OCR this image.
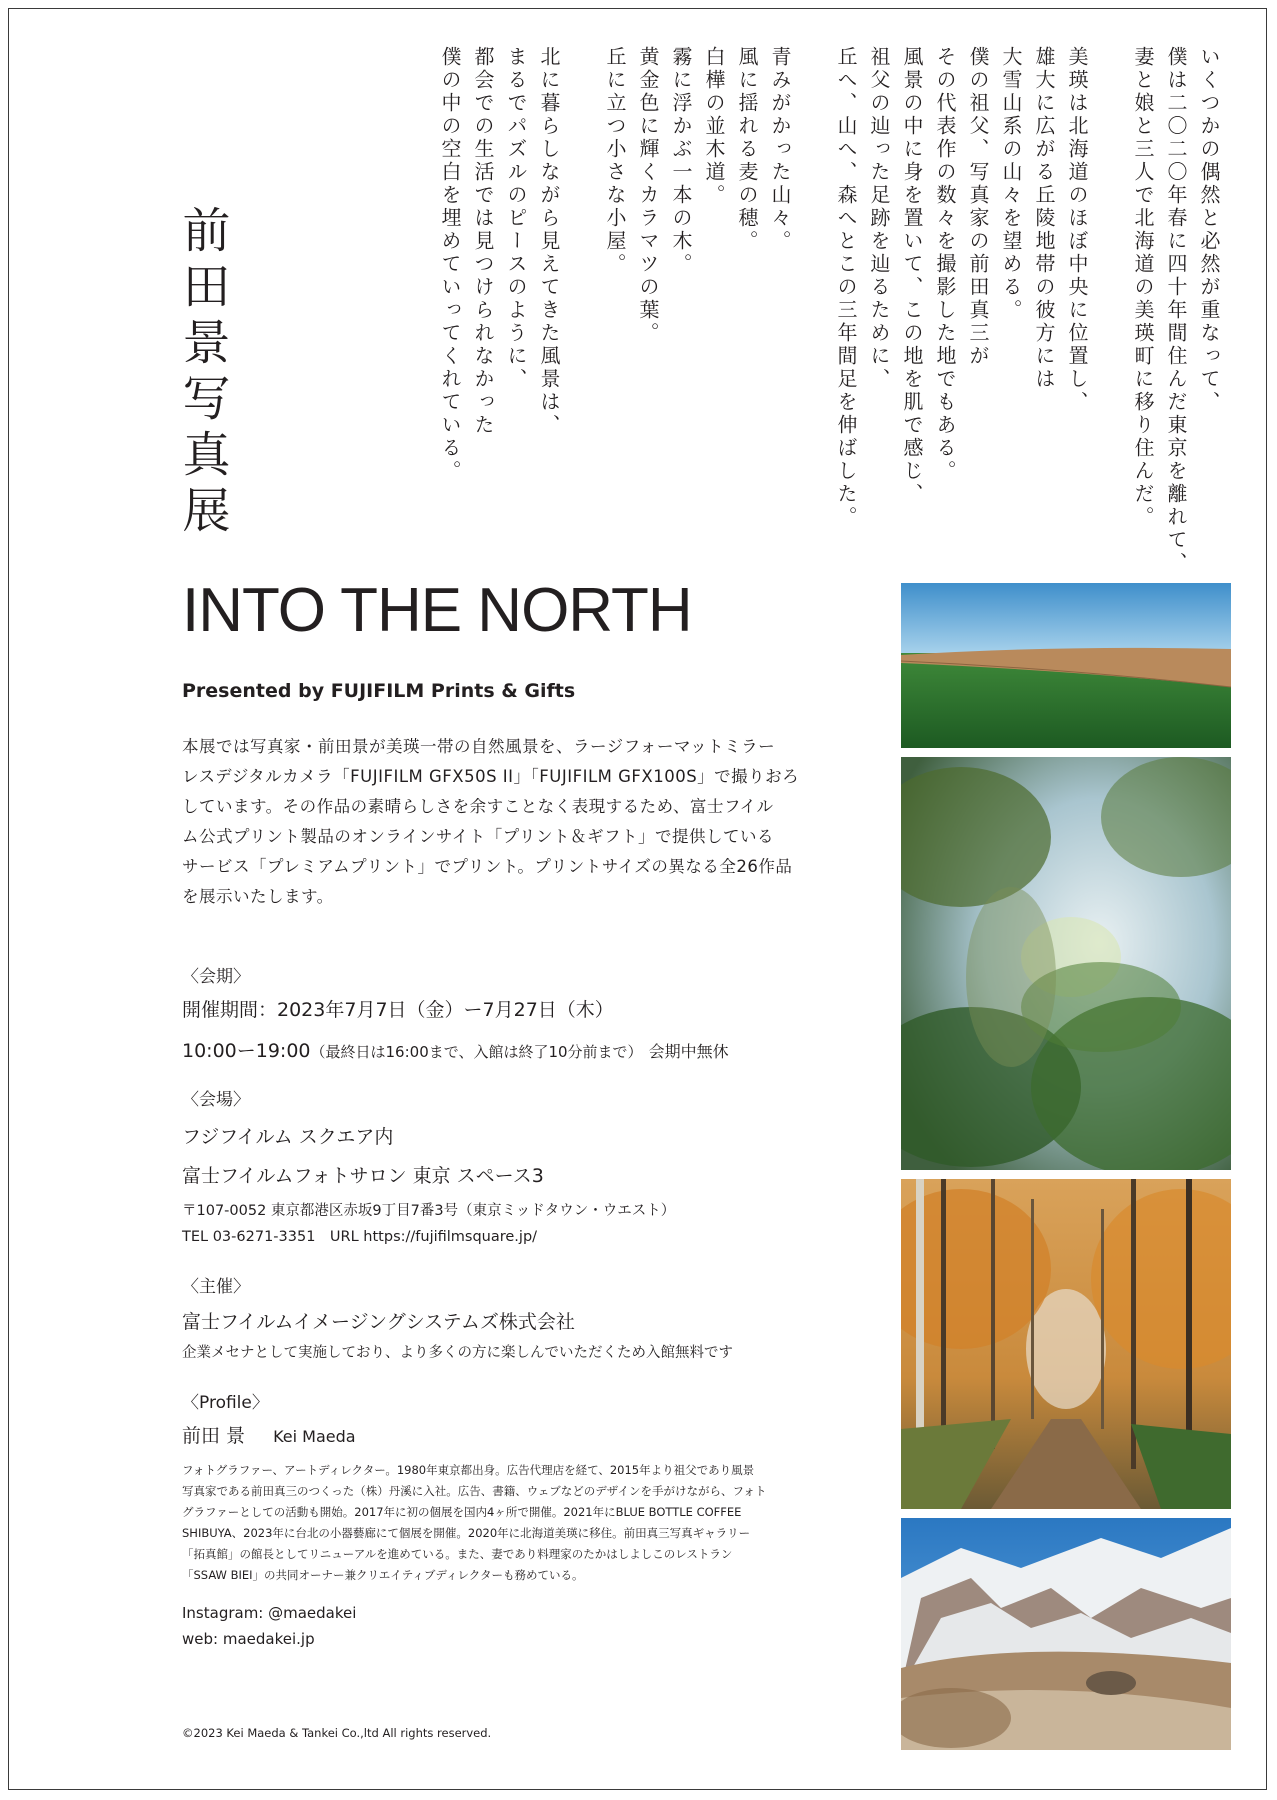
いくつかの偶然と必然が重なって、
僕は二〇二〇年春に四十年間住んだ東京を離れて、
妻と娘と三人で北海道の美瑛町に移り住んだ。
美瑛は北海道のほぼ中央に位置し、
雄大に広がる丘陵地帯の彼方には
大雪山系の山々を望める。
僕の祖父、写真家の前田真三が
その代表作の数々を撮影した地でもある。
風景の中に身を置いて、この地を肌で感じ、
祖父の辿った足跡を辿るために、
丘へ、山へ、森へとこの三年間足を伸ばした。
青みがかった山々。
風に揺れる麦の穂。
白樺の並木道。
霧に浮かぶ一本の木。
黄金色に輝くカラマツの葉。
丘に立つ小さな小屋。
北に暮らしながら見えてきた風景は、
まるでパズルのピースのように、
都会での生活では見つけられなかった
僕の中の空白を埋めていってくれている。
前田景写真展
INTO THE NORTH
Presented by FUJIFILM Prints & Gifts
本展では写真家・前田景が美瑛一帯の自然風景を、ラージフォーマットミラー
レスデジタルカメラ「FUJIFILM GFX50S II」「FUJIFILM GFX100S」で撮りおろ
しています。その作品の素晴らしさを余すことなく表現するため、富士フイル
ム公式プリント製品のオンラインサイト「プリント＆ギフト」で提供している
サービス「プレミアムプリント」でプリント。プリントサイズの異なる全26作品
を展示いたします。
〈会期〉
開催期間：2023年7月7日（金）ー7月27日（木）
10:00ー19:00（最終日は16:00まで、入館は終了10分前まで） 会期中無休
〈会場〉
フジフイルム スクエア内
富士フイルムフォトサロン 東京 スペース3
〒107-0052 東京都港区赤坂9丁目7番3号（東京ミッドタウン・ウエスト）
TEL 03-6271-3351　URL https://fujifilmsquare.jp/
〈主催〉
富士フイルムイメージングシステムズ株式会社
企業メセナとして実施しており、より多くの方に楽しんでいただくため入館無料です
〈Profile〉
前田 景 Kei Maeda
フォトグラファー、アートディレクター。1980年東京都出身。広告代理店を経て、2015年より祖父であり風景
写真家である前田真三のつくった（株）丹溪に入社。広告、書籍、ウェブなどのデザインを手がけながら、フォト
グラファーとしての活動も開始。2017年に初の個展を国内4ヶ所で開催。2021年にBLUE BOTTLE COFFEE
SHIBUYA、2023年に台北の小器藝廊にて個展を開催。2020年に北海道美瑛に移住。前田真三写真ギャラリー
「拓真館」の館長としてリニューアルを進めている。また、妻であり料理家のたかはしよしこのレストラン
「SSAW BIEI」の共同オーナー兼クリエイティブディレクターも務めている。
Instagram: @maedakei
web: maedakei.jp
©2023 Kei Maeda & Tankei Co.,ltd All rights reserved.
